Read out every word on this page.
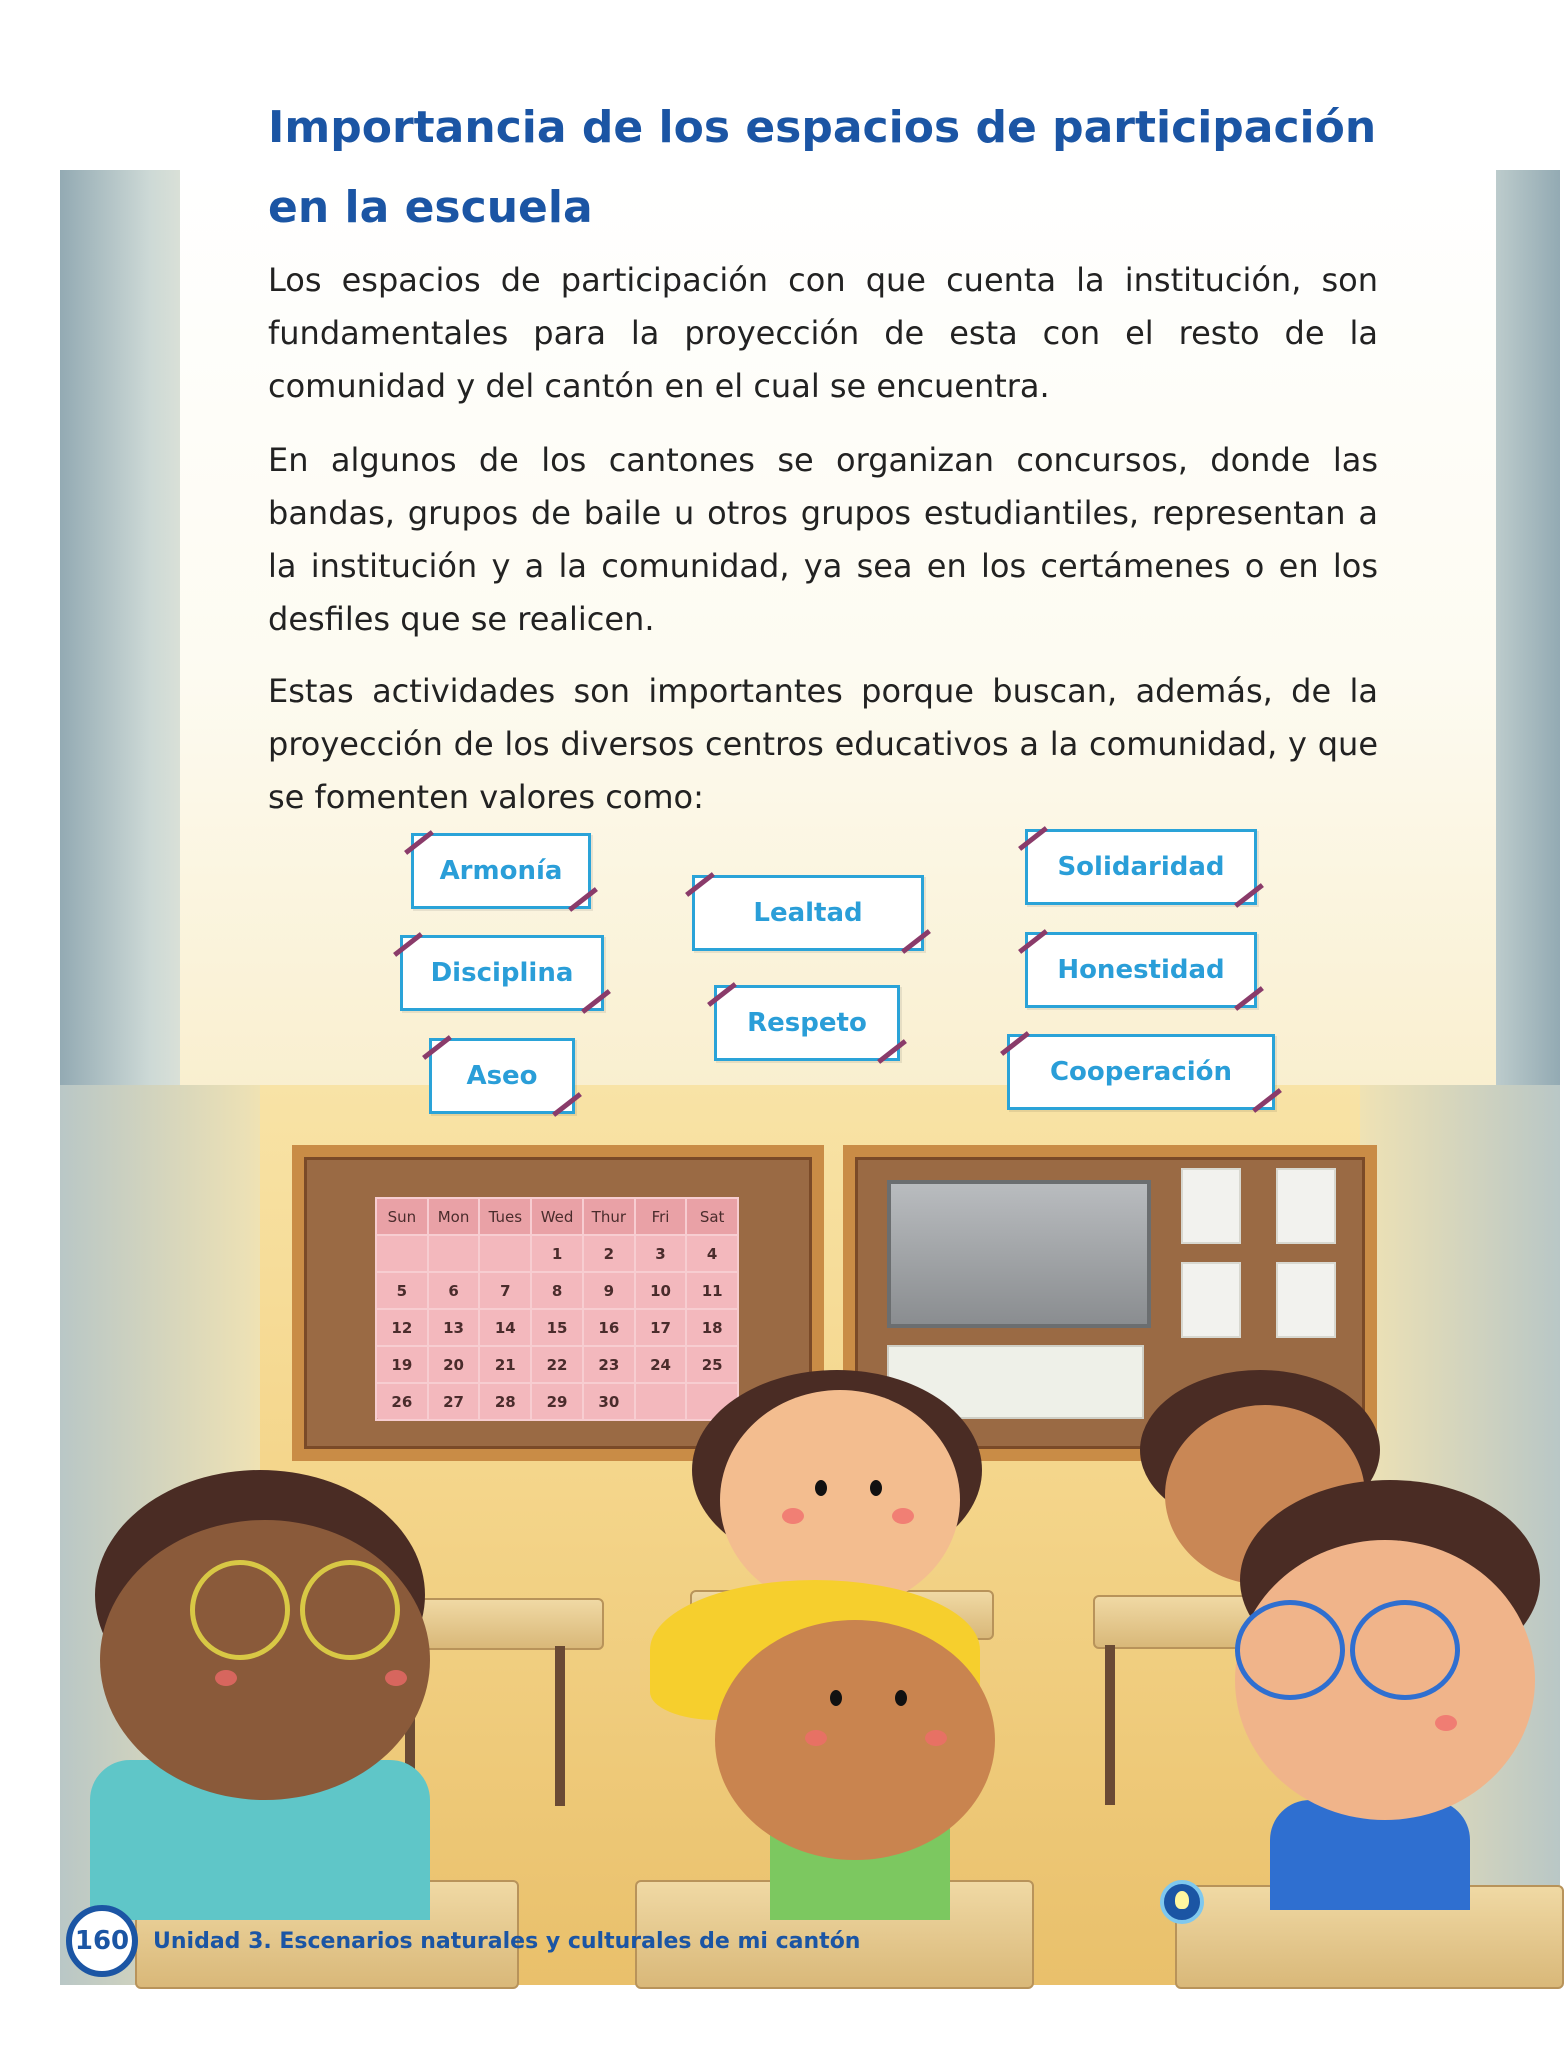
Importancia de los espacios de participación en la escuela

Los espacios de participación con que cuenta la institución, son fundamentales para la proyección de esta con el resto de la comunidad y del cantón en el cual se encuentra.

En algunos de los cantones se organizan concursos, donde las bandas, grupos de baile u otros grupos estudiantiles, representan a la institución y a la comunidad, ya sea en los certámenes o en los desfiles que se realicen.

Estas actividades son importantes porque buscan, además, de la proyección de los diversos centros educativos a la comunidad, y que se fomenten valores como:

Armonía
Disciplina
Aseo
Lealtad
Respeto
Solidaridad
Honestidad
Cooperación
Sun	Mon	Tues	Wed	Thur	Fri	Sat
			1	2	3	4
5	6	7	8	9	10	11
12	13	14	15	16	17	18
19	20	21	22	23	24	25
26	27	28	29	30		
160	Unidad 3. Escenarios naturales y culturales de mi cantón
